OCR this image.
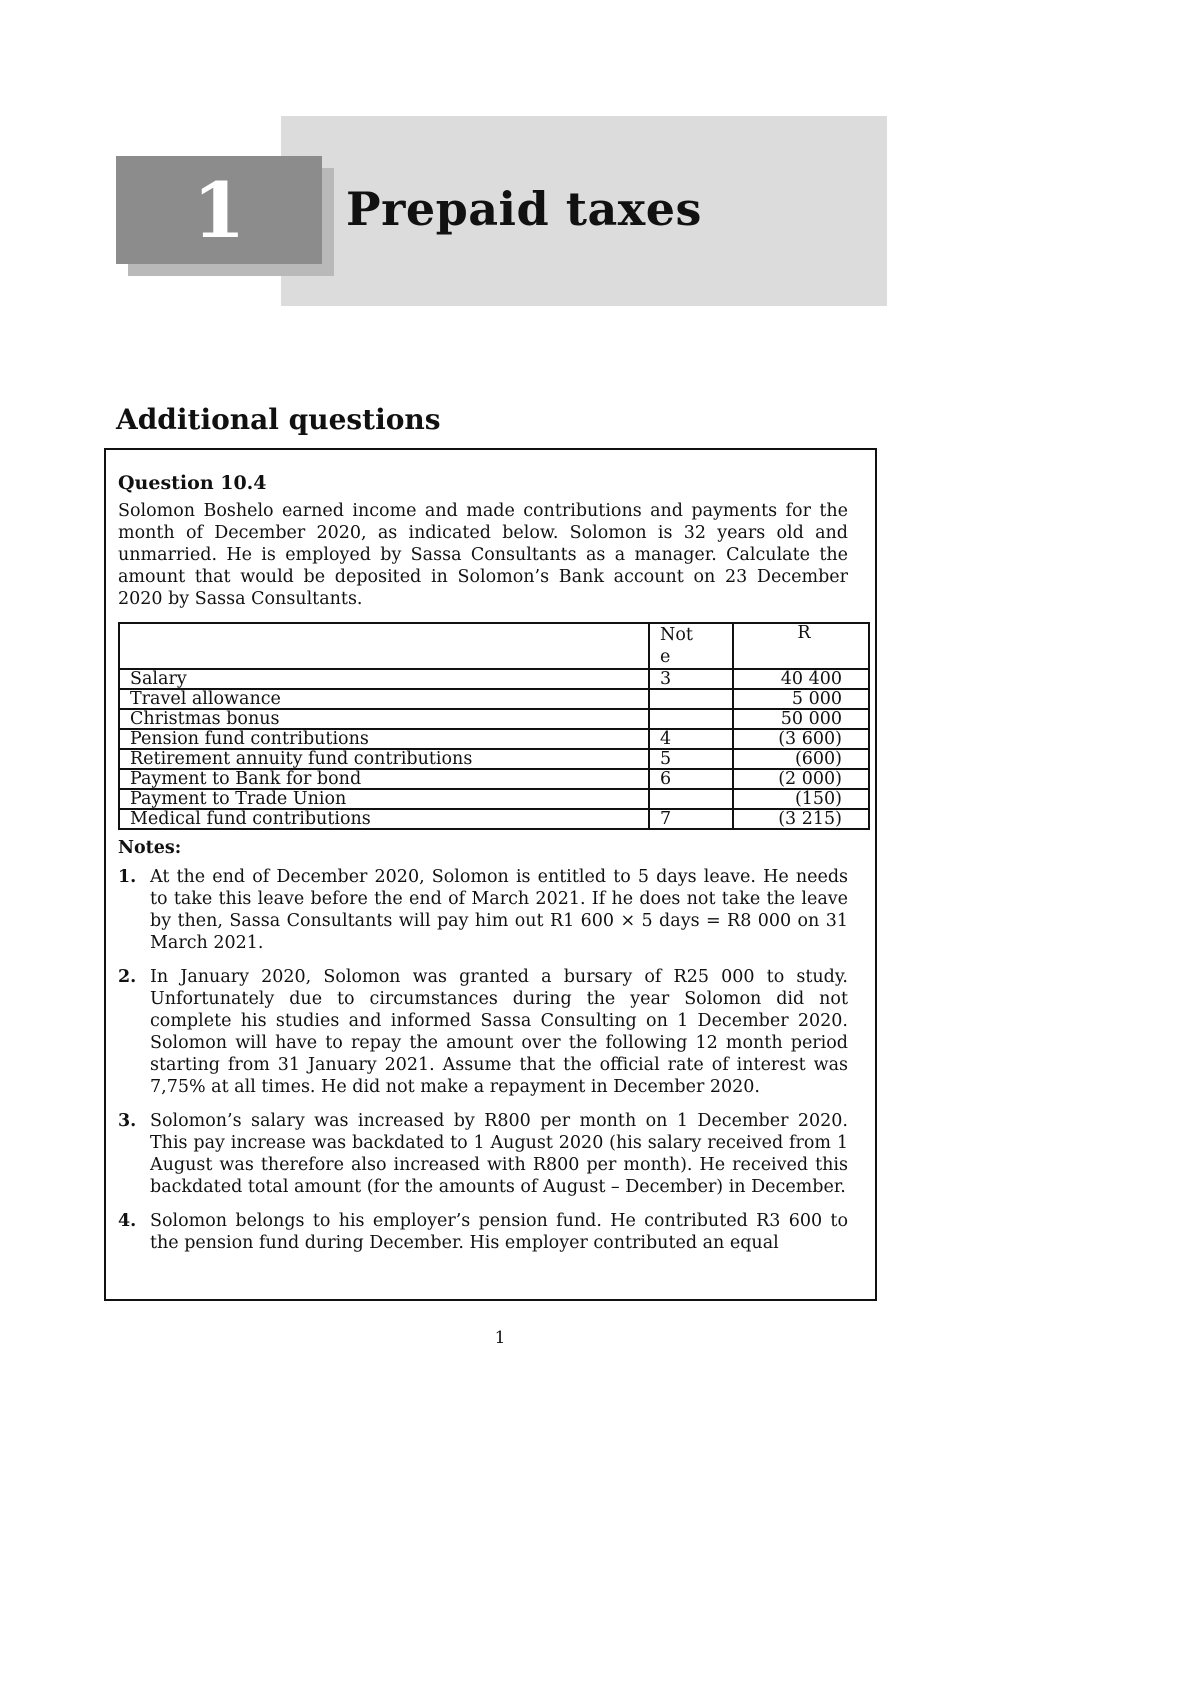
1 Prepaid taxes
Additional questions
Question 10.4

Solomon Boshelo earned income and made contributions and payments for the month of December 2020, as indicated below. Solomon is 32 years old and unmarried. He is employed by Sassa Consultants as a manager. Calculate the amount that would be deposited in Solomon’s Bank account on 23 December 2020 by Sassa Consultants.

	Not e	R
Salary	3	40 400
Travel allowance		5 000
Christmas bonus		50 000
Pension fund contributions	4	(3 600)
Retirement annuity fund contributions	5	(600)
Payment to Bank for bond	6	(2 000)
Payment to Trade Union		(150)
Medical fund contributions	7	(3 215)
Notes:
1. At the end of December 2020, Solomon is entitled to 5 days leave. He needs to take this leave before the end of March 2021. If he does not take the leave by then, Sassa Consultants will pay him out R1 600 × 5 days = R8 000 on 31 March 2021.
2. In January 2020, Solomon was granted a bursary of R25 000 to study. Unfortunately due to circumstances during the year Solomon did not complete his studies and informed Sassa Consulting on 1 December 2020. Solomon will have to repay the amount over the following 12 month period starting from 31 January 2021. Assume that the official rate of interest was 7,75% at all times. He did not make a repayment in December 2020.
3. Solomon’s salary was increased by R800 per month on 1 December 2020. This pay increase was backdated to 1 August 2020 (his salary received from 1 August was therefore also increased with R800 per month). He received this backdated total amount (for the amounts of August – December) in December.
4. Solomon belongs to his employer’s pension fund. He contributed R3 600 to the pension fund during December. His employer contributed an equal
1
